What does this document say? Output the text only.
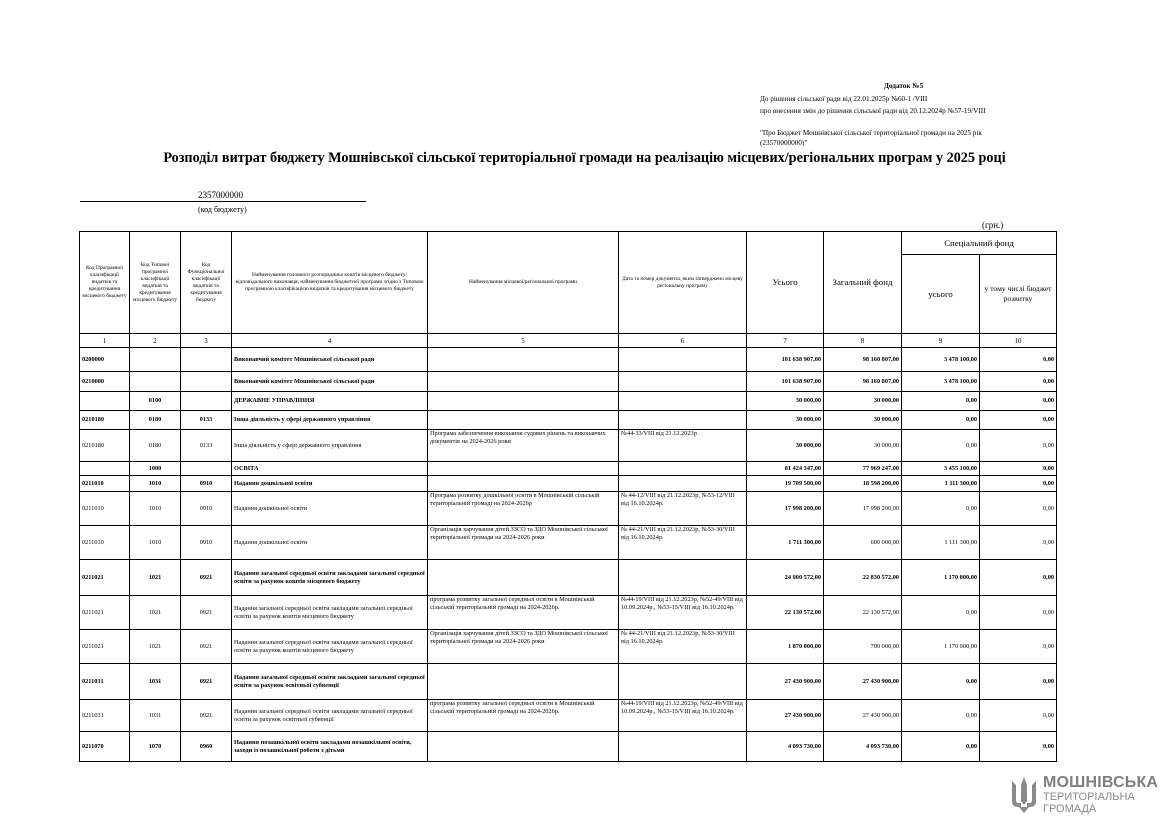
Додаток №5
До рішення сільської ради від 22.01.2025р №60-1 /VIII
про внесення змін до рішення сільської ради від 20.12.2024р №57-19/VIII
"Про Бюджет Мошнівської сільської територіальної громади на 2025 рік
(23570000000)"
Розподіл витрат бюджету Мошнівської сільської територіальної громади на реалізацію місцевих/регіональних програм у 2025 році
2357000000
(код бюджету)
(грн.)
Код Програмної класифікації видатків та кредитування місцевого бюджету	Код Типової програмної класифікації видатків та кредитування місцевого бюджету	Код Функціональної класифікації видатків та кредитування бюджету	Найменування головного розпорядника коштів місцевого бюджету/ відповідального виконавця, найменування бюджетної програми згідно з Типовою програмною класифікацією видатків та кредитування місцевого бюджету	Найменування місцевої/регіональної програми	Дата та номер документа, яким затверджено місцеву регіональну програму	Усього	Загальний фонд	Спеціальний фонд	
								усього	у тому числі бюджет розвитку
1	2	3	4	5	6	7	8	9	10
0200000			Виконавчий комітет Мошнівської сільської ради			101 638 907,00	98 160 807,00	3 478 100,00	0,00
0210000			Виконавчий комітет Мошнівської сільської ради			101 638 907,00	98 160 807,00	3 478 100,00	0,00
	0100		ДЕРЖАВНЕ УПРАВЛІННЯ			30 000,00	30 000,00	0,00	0,00
0210180	0180	0133	Інша діяльність у сфері державного управління			30 000,00	30 000,00	0,00	0,00
0210180	0180	0133	Інша діяльність у сфері державного управління	Програма забезпечення виконання судових рішень та виконавчих документів на 2024-2026 роки	№44-33/VIII від 21.12.2023р	30 000,00	30 000,00	0,00	0,00
	1000		ОСВІТА			81 424 347,00	77 969 247,00	3 455 100,00	0,00
0211010	1010	0910	Надання дошкільної освіти			19 709 500,00	18 598 200,00	1 111 300,00	0,00
0211010	1010	0910	Надання дошкільної освіти	Програма розвитку дошкільної освіти в Мошнівській сільській територіальній громаді на 2024-2026р	№ 44-12/VIII від 21.12.2023р, №53-12/VIII від 16.10.2024р.	17 998 200,00	17 998 200,00	0,00	0,00
0211010	1010	0910	Надання дошкільної освіти	Організація харчування дітей ЗЗСО та ЗДО Мошнівської сільської територіальної громади на 2024-2026 роки	№ 44-21/VIII від 21.12.2023р, №53-30/VIII від 16.10.2024р.	1 711 300,00	600 000,00	1 111 300,00	0,00
0211021	1021	0921	Надання загальної середньої освіти закладами загальної середньої освіти за рахунок коштів місцевого бюджету			24 000 572,00	22 830 572,00	1 170 000,00	0,00
0211021	1021	0921	Надання загальної середньої освіти закладами загальної середньої освіти за рахунок коштів місцевого бюджету	програма розвитку загальної середньої освіти в Мошнівській сільській територіальній громаді на 2024-2026р.	№44-19/VIII від 21.12.2023р, №52-49/VIII від 10.09.2024р., №53-15/VIII від 16.10.2024р.	22 130 572,00	22 130 572,00	0,00	0,00
0211021	1021	0921	Надання загальної середньої освіти закладами загальної середньої освіти за рахунок коштів місцевого бюджету	Організація харчування дітей ЗЗСО та ЗДО Мошнівської сільської територіальної громади на 2024-2026 роки	№ 44-21/VIII від 21.12.2023р, №53-30/VIII від 16.10.2024р.	1 870 000,00	700 000,00	1 170 000,00	0,00
0211031	1031	0921	Надання загальної середньої освіти закладами загальної середньої освіти за рахунок освітньої субвенції			27 430 900,00	27 430 900,00	0,00	0,00
0211031	1031	0921	Надання загальної середньої освіти закладами загальної середньої освіти за рахунок освітньої субвенції	програма розвитку загальної середньої освіти в Мошнівській сільській територіальній громаді на 2024-2026р.	№44-19/VIII від 21.12.2023р, №52-49/VIII від 10.09.2024р., №53-15/VIII від 16.10.2024р.	27 430 900,00	27 430 900,00	0,00	0,00
0211070	1070	0960	Надання позашкільної освіти закладами позашкільної освіти, заходи із позашкільної роботи з дітьми			4 093 730,00	4 093 730,00	0,00	0,00
МОШНІВСЬКА
ТЕРИТОРІАЛЬНА
ГРОМАДА
